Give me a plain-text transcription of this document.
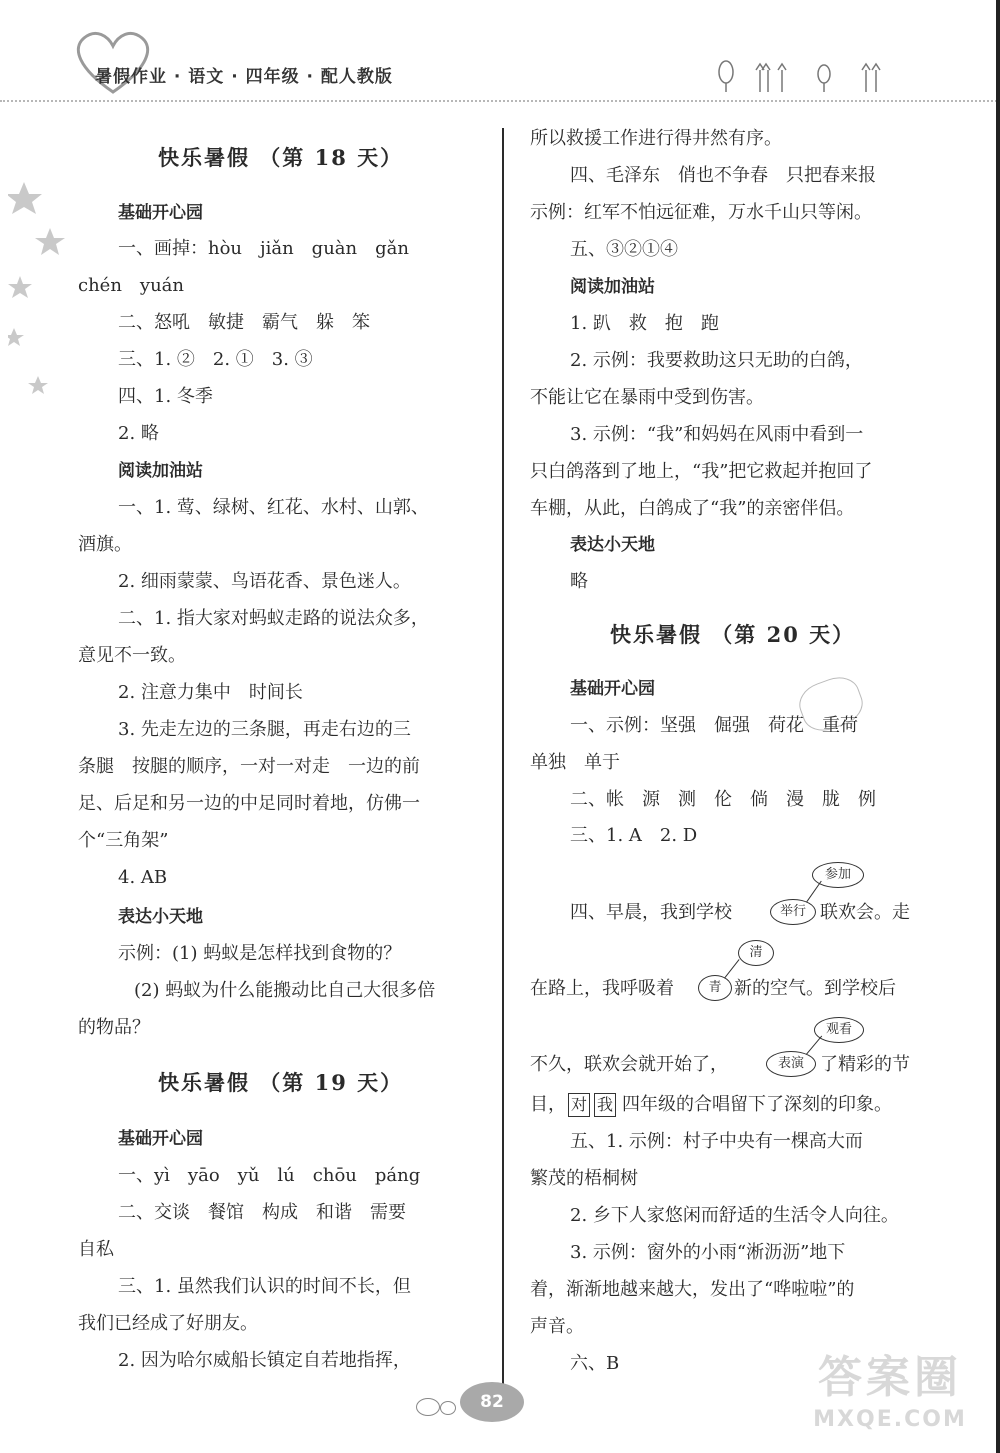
暑假作业 · 语文 · 四年级 · 配人教版

快乐暑假 （第 18 天）

基础开心园

一、画掉：hòu　jiǎn　guàn　gǎn

chén　yuán

二、怒吼　敏捷　霸气　躲　笨

三、1. ②　2. ①　3. ③

四、1. 冬季

2. 略

阅读加油站

一、1. 莺、绿树、红花、水村、山郭、

酒旗。

2. 细雨蒙蒙、鸟语花香、景色迷人。

二、1. 指大家对蚂蚁走路的说法众多，

意见不一致。

2. 注意力集中　时间长

3. 先走左边的三条腿，再走右边的三

条腿　按腿的顺序，一对一对走　一边的前

足、后足和另一边的中足同时着地，仿佛一

个“三角架”

4. AB

表达小天地

示例：(1) 蚂蚁是怎样找到食物的？

(2) 蚂蚁为什么能搬动比自己大很多倍

的物品？

快乐暑假 （第 19 天）

基础开心园

一、yì　yāo　yǔ　lú　chōu　páng

二、交谈　餐馆　构成　和谐　需要

自私

三、1. 虽然我们认识的时间不长，但

我们已经成了好朋友。

2. 因为哈尔威船长镇定自若地指挥，

所以救援工作进行得井然有序。

四、毛泽东　俏也不争春　只把春来报

示例：红军不怕远征难，万水千山只等闲。

五、③②①④

阅读加油站

1. 趴　救　抱　跑

2. 示例：我要救助这只无助的白鸽，

不能让它在暴雨中受到伤害。

3. 示例：“我”和妈妈在风雨中看到一

只白鸽落到了地上，“我”把它救起并抱回了

车棚，从此，白鸽成了“我”的亲密伴侣。

表达小天地

略

快乐暑假 （第 20 天）

基础开心园

一、示例：坚强　倔强　荷花　重荷

单独　单于

二、帐　源　测　伦　倘　漫　胧　例

三、1. A　2. D

四、早晨，我到学校	举行
参加

联欢会。走

在路上，我呼吸着	青
清

新的空气。到学校后

不久，联欢会就开始了，	表演
观看

了精彩的节

目， 对 我 四年级的合唱留下了深刻的印象。

五、1. 示例：村子中央有一棵高大而

繁茂的梧桐树

2. 乡下人家悠闲而舒适的生活令人向往。

3. 示例：窗外的小雨“淅沥沥”地下

着，渐渐地越来越大，发出了“哗啦啦”的

声音。

六、B

82	答案圈
MXQE.COM
